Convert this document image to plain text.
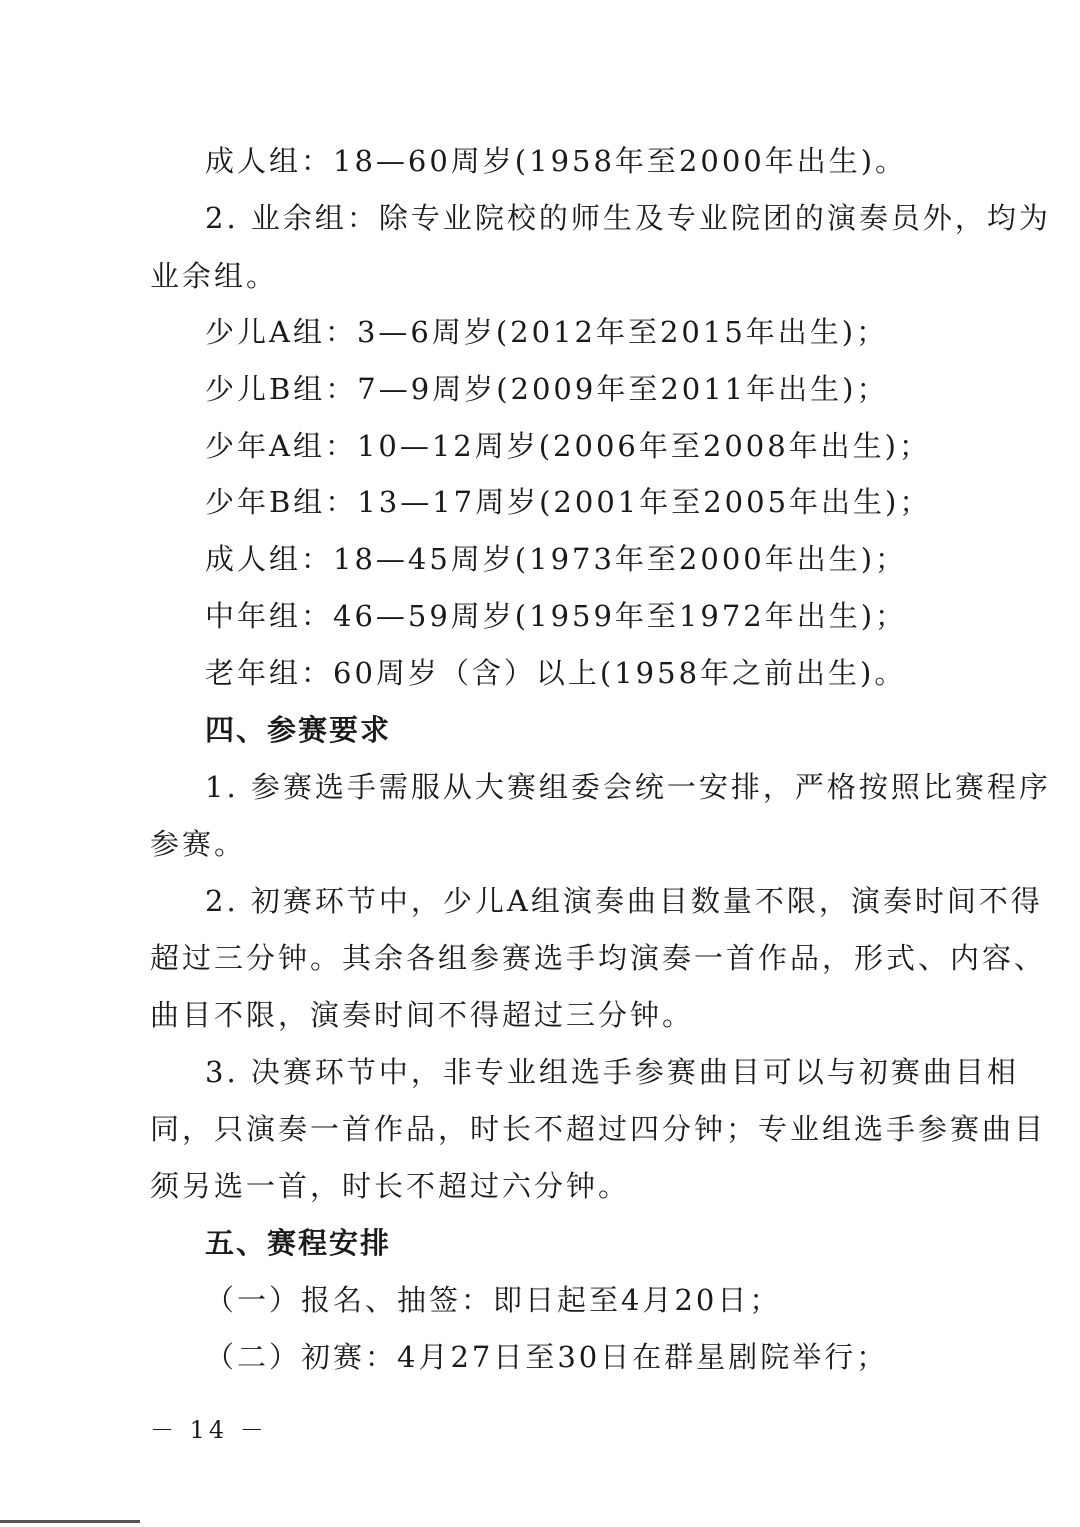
成人组：18—60周岁(1958年至2000年出生)。
2. 业余组：除专业院校的师生及专业院团的演奏员外，均为
业余组。
少儿A组：3—6周岁(2012年至2015年出生)；
少儿B组：7—9周岁(2009年至2011年出生)；
少年A组：10—12周岁(2006年至2008年出生)；
少年B组：13—17周岁(2001年至2005年出生)；
成人组：18—45周岁(1973年至2000年出生)；
中年组：46—59周岁(1959年至1972年出生)；
老年组：60周岁（含）以上(1958年之前出生)。
四、参赛要求
1. 参赛选手需服从大赛组委会统一安排，严格按照比赛程序
参赛。
2. 初赛环节中，少儿A组演奏曲目数量不限，演奏时间不得
超过三分钟。其余各组参赛选手均演奏一首作品，形式、内容、
曲目不限，演奏时间不得超过三分钟。
3. 决赛环节中，非专业组选手参赛曲目可以与初赛曲目相
同，只演奏一首作品，时长不超过四分钟；专业组选手参赛曲目
须另选一首，时长不超过六分钟。
五、赛程安排
（一）报名、抽签：即日起至4月20日；
（二）初赛：4月27日至30日在群星剧院举行；
－ 14 －
